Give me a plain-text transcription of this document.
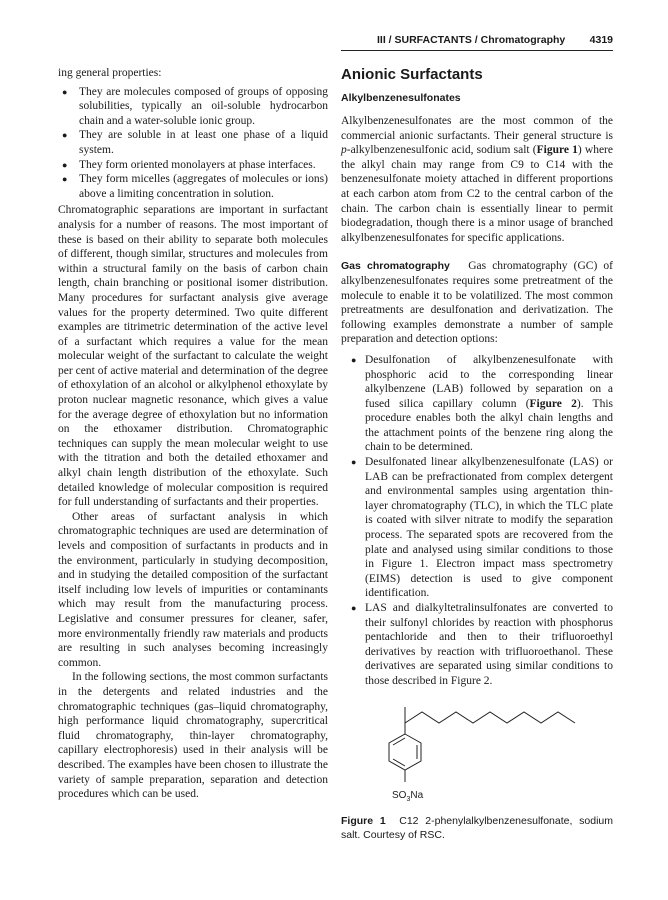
III / SURFACTANTS / Chromatography 4319

ing general properties:

● They are molecules composed of groups of opposing solubilities, typically an oil-soluble hydrocarbon chain and a water-soluble ionic group.
● They are soluble in at least one phase of a liquid system.
● They form oriented monolayers at phase interfaces.
● They form micelles (aggregates of molecules or ions) above a limiting concentration in solution.

Chromatographic separations are important in surfactant analysis for a number of reasons. The most important of these is based on their ability to separate both molecules of different, though similar, structures and molecules from within a structural family on the basis of carbon chain length, chain branching or positional isomer distribution. Many procedures for surfactant analysis give average values for the property determined. Two quite different examples are titrimetric determination of the active level of a surfactant which requires a value for the mean molecular weight of the surfactant to calculate the weight per cent of active material and determination of the degree of ethoxylation of an alcohol or alkylphenol ethoxylate by proton nuclear magnetic resonance, which gives a value for the average degree of ethoxylation but no information on the ethoxamer distribution. Chromatographic techniques can supply the mean molecular weight to use with the titration and both the detailed ethoxamer and alkyl chain length distribution of the ethoxylate. Such detailed knowledge of molecular composition is required for full understanding of surfactants and their properties.

Other areas of surfactant analysis in which chromatographic techniques are used are determination of levels and composition of surfactants in products and in the environment, particularly in studying decomposition, and in studying the detailed composition of the surfactant itself including low levels of impurities or contaminants which may result from the manufacturing process. Legislative and consumer pressures for cleaner, safer, more environmentally friendly raw materials and products are resulting in such analyses becoming increasingly common.

In the following sections, the most common surfactants in the detergents and related industries and the chromatographic techniques (gas–liquid chromatography, high performance liquid chromatography, supercritical fluid chromatography, thin-layer chromatography, capillary electrophoresis) used in their analysis will be described. The examples have been chosen to illustrate the variety of sample preparation, separation and detection procedures which can be used.

Anionic Surfactants
Alkylbenzenesulfonates

Alkylbenzenesulfonates are the most common of the commercial anionic surfactants. Their general structure is p-alkylbenzenesulfonic acid, sodium salt (Figure 1) where the alkyl chain may range from C9 to C14 with the benzenesulfonate moiety attached in different proportions at each carbon atom from C2 to the central carbon of the chain. The carbon chain is essentially linear to permit biodegradation, though there is a minor usage of branched alkylbenzenesulfonates for specific applications.

Gas chromatography Gas chromatography (GC) of alkylbenzenesulfonates requires some pretreatment of the molecule to enable it to be volatilized. The most common pretreatments are desulfonation and derivatization. The following examples demonstrate a number of sample preparation and detection options:

● Desulfonation of alkylbenzenesulfonate with phosphoric acid to the corresponding linear alkylbenzene (LAB) followed by separation on a fused silica capillary column (Figure 2). This procedure enables both the alkyl chain lengths and the attachment points of the benzene ring along the chain to be determined.
● Desulfonated linear alkylbenzenesulfonate (LAS) or LAB can be prefractionated from complex detergent and environmental samples using argentation thin-layer chromatography (TLC), in which the TLC plate is coated with silver nitrate to modify the separation process. The separated spots are recovered from the plate and analysed using similar conditions to those in Figure 1. Electron impact mass spectrometry (EIMS) detection is used to give component identification.
● LAS and dialkyltetralinsulfonates are converted to their sulfonyl chlorides by reaction with phosphorus pentachloride and then to their trifluoroethyl derivatives by reaction with trifluoroethanol. These derivatives are separated using similar conditions to those described in Figure 2.
$SO_3Na$
Figure 1 C12 2-phenylalkylbenzenesulfonate, sodium salt. Courtesy of RSC.
